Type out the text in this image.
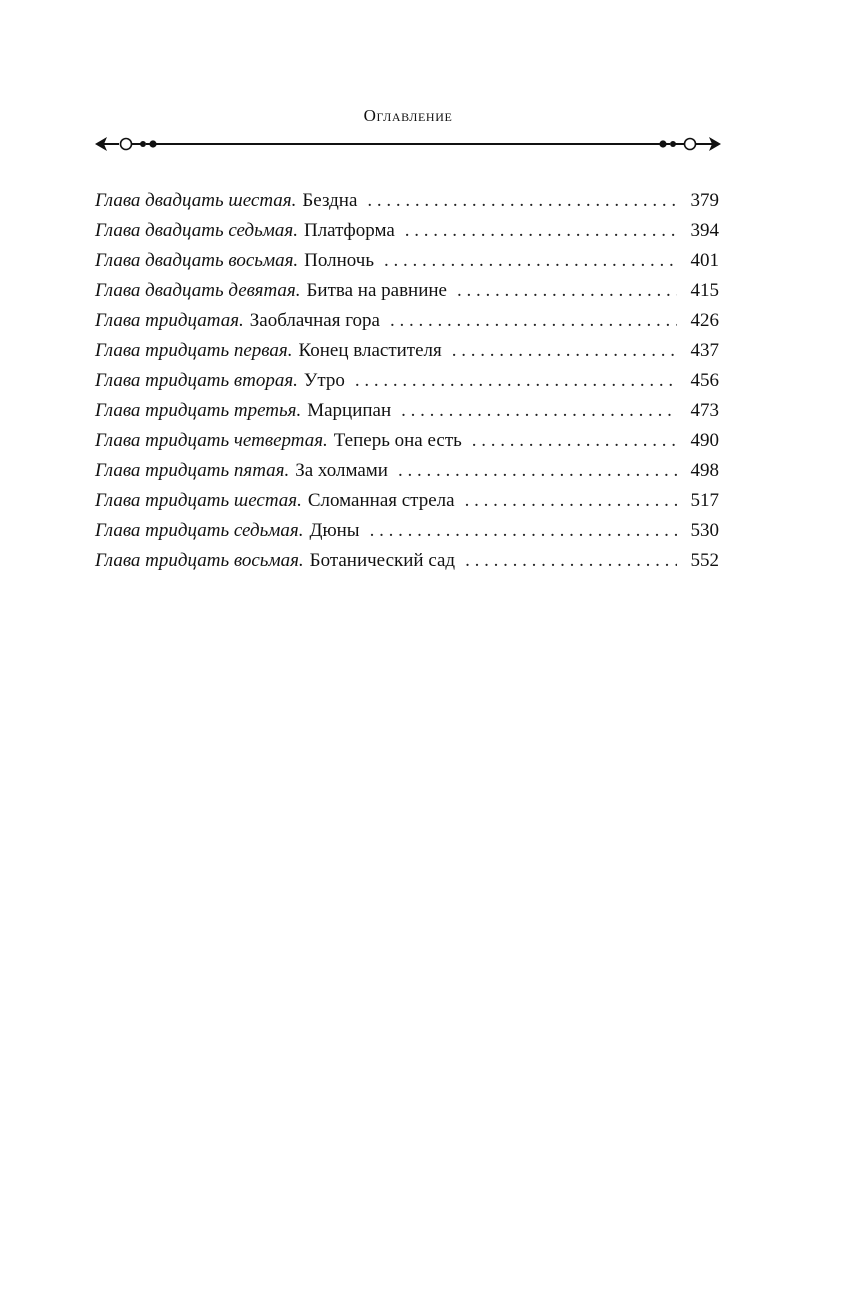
Оглавление
Глава двадцать шестая. Бездна . . .	379
Глава двадцать седьмая. Платформа . . .	394
Глава двадцать восьмая. Полночь . . .	401
Глава двадцать девятая. Битва на равнине . . .	415
Глава тридцатая. Заоблачная гора . . .	426
Глава тридцать первая. Конец властителя . . .	437
Глава тридцать вторая. Утро . . .	456
Глава тридцать третья. Марципан . . .	473
Глава тридцать четвертая. Теперь она есть . . .	490
Глава тридцать пятая. За холмами . . .	498
Глава тридцать шестая. Сломанная стрела . . .	517
Глава тридцать седьмая. Дюны . . .	530
Глава тридцать восьмая. Ботанический сад . . .	552
